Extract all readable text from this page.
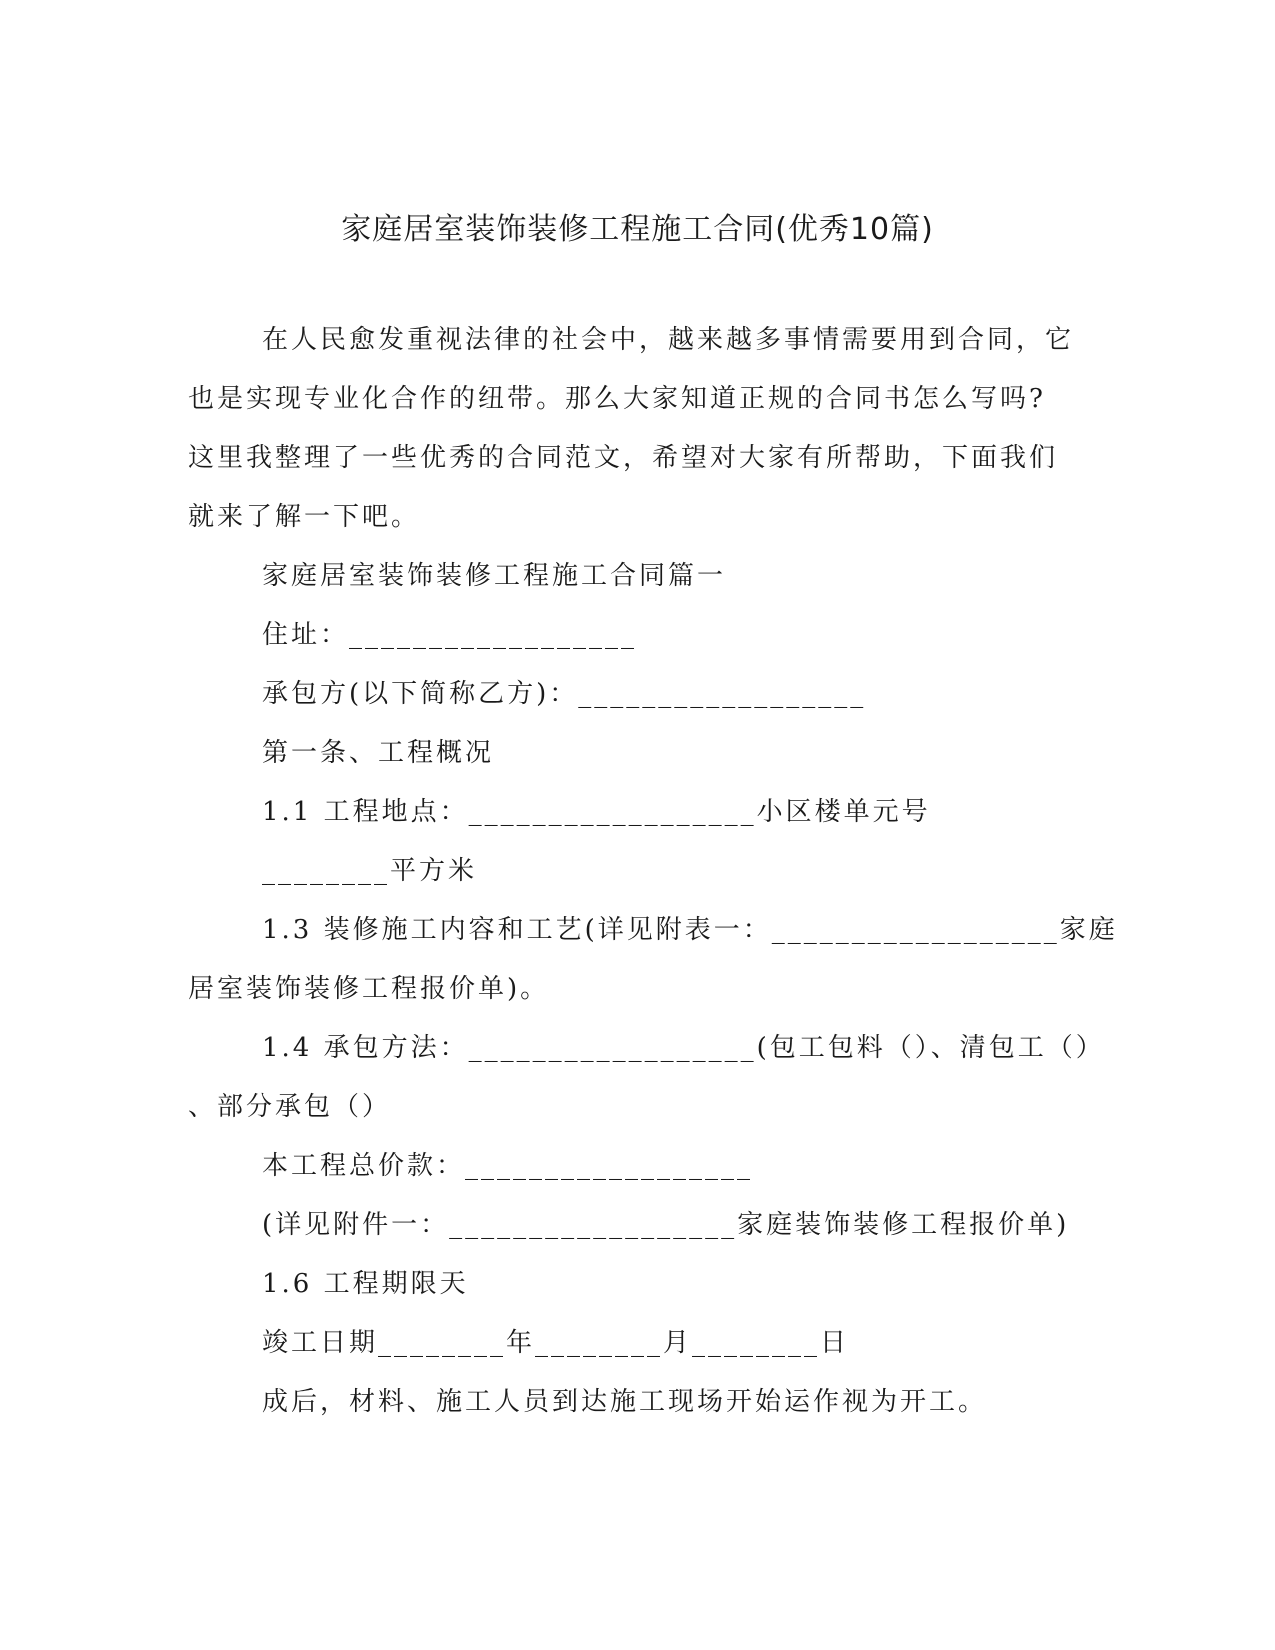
家庭居室装饰装修工程施工合同(优秀10篇)
在人民愈发重视法律的社会中，越来越多事情需要用到合同，它
也是实现专业化合作的纽带。那么大家知道正规的合同书怎么写吗?
这里我整理了一些优秀的合同范文，希望对大家有所帮助，下面我们
就来了解一下吧。
家庭居室装饰装修工程施工合同篇一
住址：__________________
承包方(以下简称乙方)：__________________
第一条、工程概况
1.1 工程地点：__________________小区楼单元号
________平方米
1.3 装修施工内容和工艺(详见附表一：__________________家庭
居室装饰装修工程报价单)。
1.4 承包方法：__________________(包工包料（）、清包工（）
、部分承包（）
本工程总价款：__________________
(详见附件一：__________________家庭装饰装修工程报价单)
1.6 工程期限天
竣工日期________年________月________日
成后，材料、施工人员到达施工现场开始运作视为开工。
